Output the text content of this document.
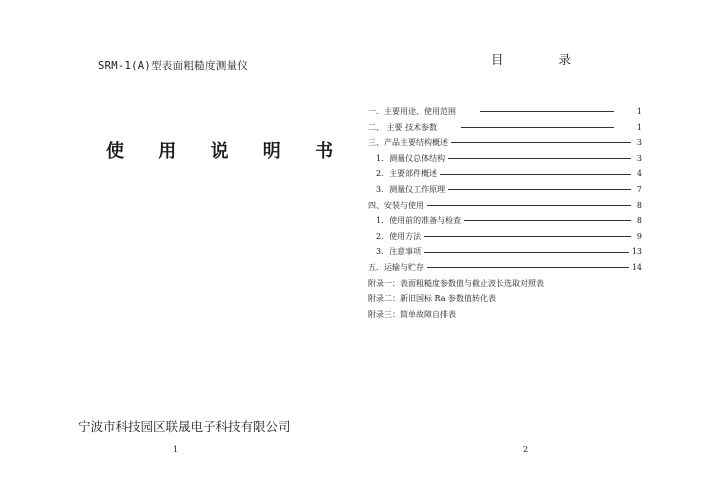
SRM-1(A)型表面粗糙度测量仪
使 用 说 明 书
宁波市科技园区联晟电子科技有限公司
1
目	录
一．主要用途、使用范围	1
二、 主要 技术参数	1
三、产品主要结构概述	3
1．测量仪总体结构	3
2．主要部件概述	4
3．测量仪工作原理	7
四、安装与使用	8
1．使用前的准备与检查	8
2．使用方法	9
3．注意事项	13
五．运输与贮存	14
附录一：表面粗糙度参数值与截止波长选取对照表
附录二：新旧国标 Ra 参数值转化表
附录三：简单故障自排表
2
